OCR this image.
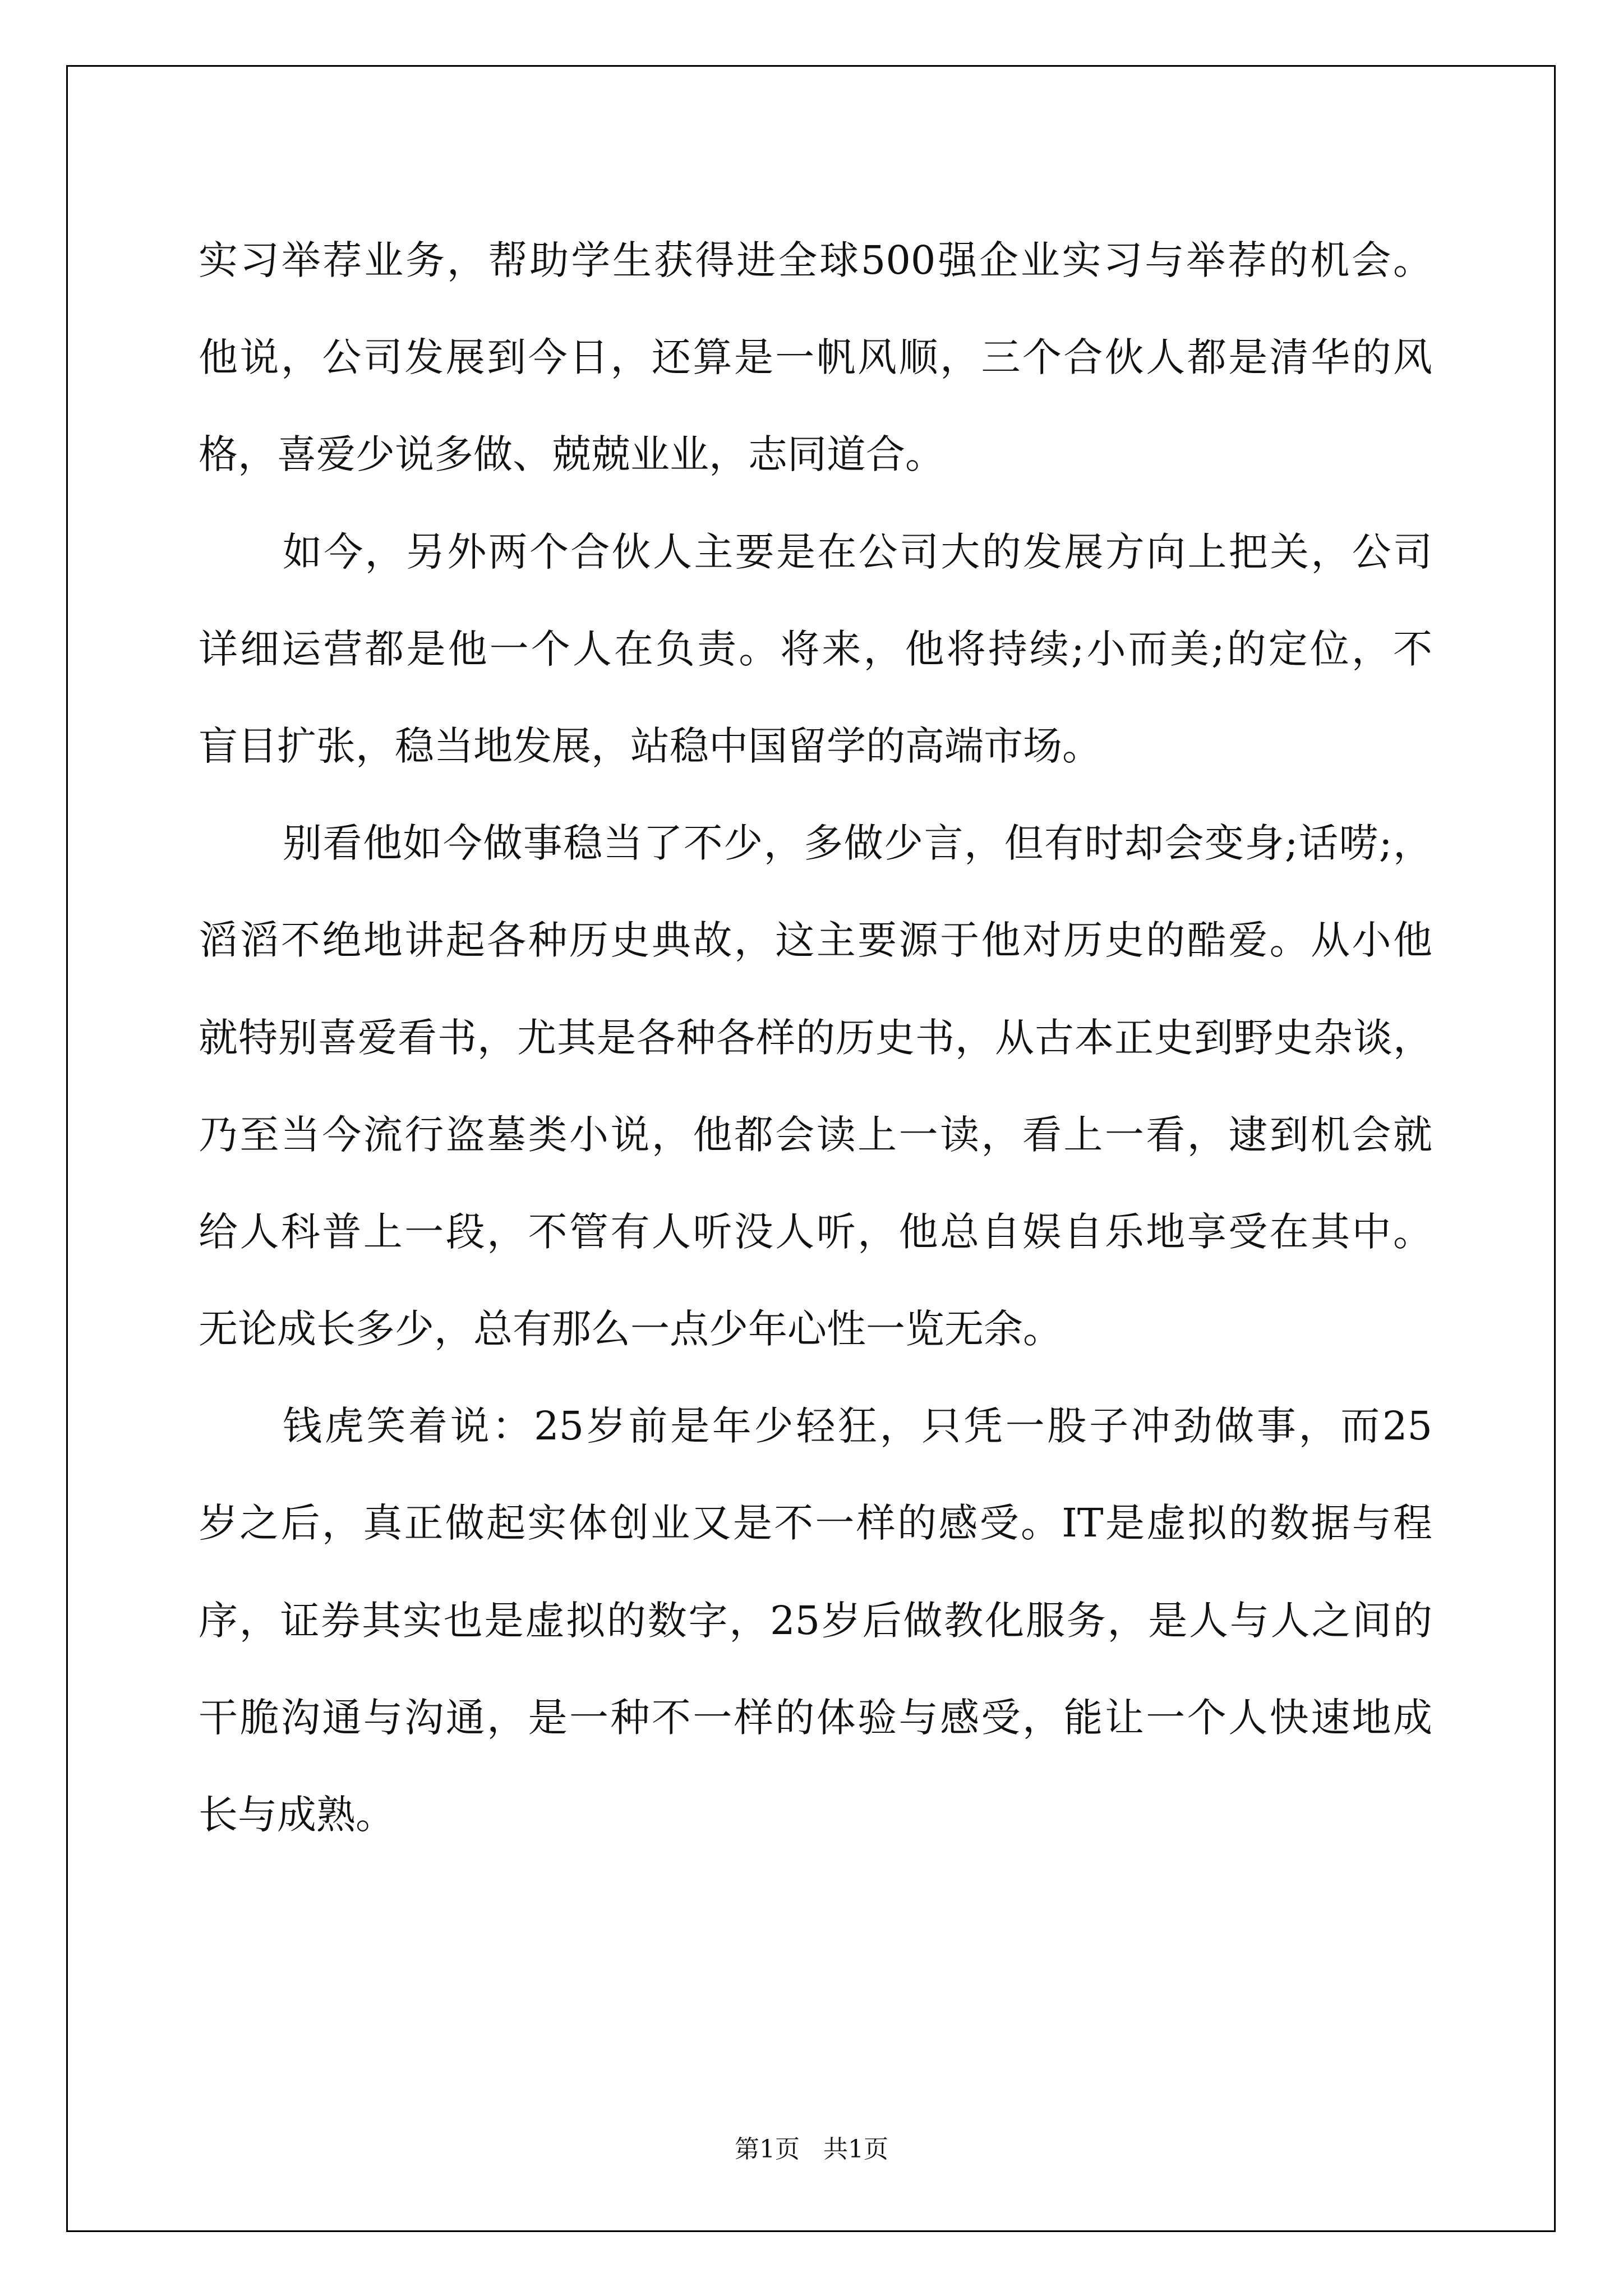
实习举荐业务，帮助学生获得进全球500强企业实习与举荐的机会。
他说，公司发展到今日，还算是一帆风顺，三个合伙人都是清华的风
格，喜爱少说多做、兢兢业业，志同道合。
如今，另外两个合伙人主要是在公司大的发展方向上把关，公司
详细运营都是他一个人在负责。将来，他将持续;小而美;的定位，不
盲目扩张，稳当地发展，站稳中国留学的高端市场。
别看他如今做事稳当了不少，多做少言，但有时却会变身;话唠;，
滔滔不绝地讲起各种历史典故，这主要源于他对历史的酷爱。从小他
就特别喜爱看书，尤其是各种各样的历史书，从古本正史到野史杂谈，
乃至当今流行盗墓类小说，他都会读上一读，看上一看，逮到机会就
给人科普上一段，不管有人听没人听，他总自娱自乐地享受在其中。
无论成长多少，总有那么一点少年心性一览无余。
钱虎笑着说：25岁前是年少轻狂，只凭一股子冲劲做事，而25
岁之后，真正做起实体创业又是不一样的感受。IT是虚拟的数据与程
序，证券其实也是虚拟的数字，25岁后做教化服务，是人与人之间的
干脆沟通与沟通，是一种不一样的体验与感受，能让一个人快速地成
长与成熟。
第1页 共1页
